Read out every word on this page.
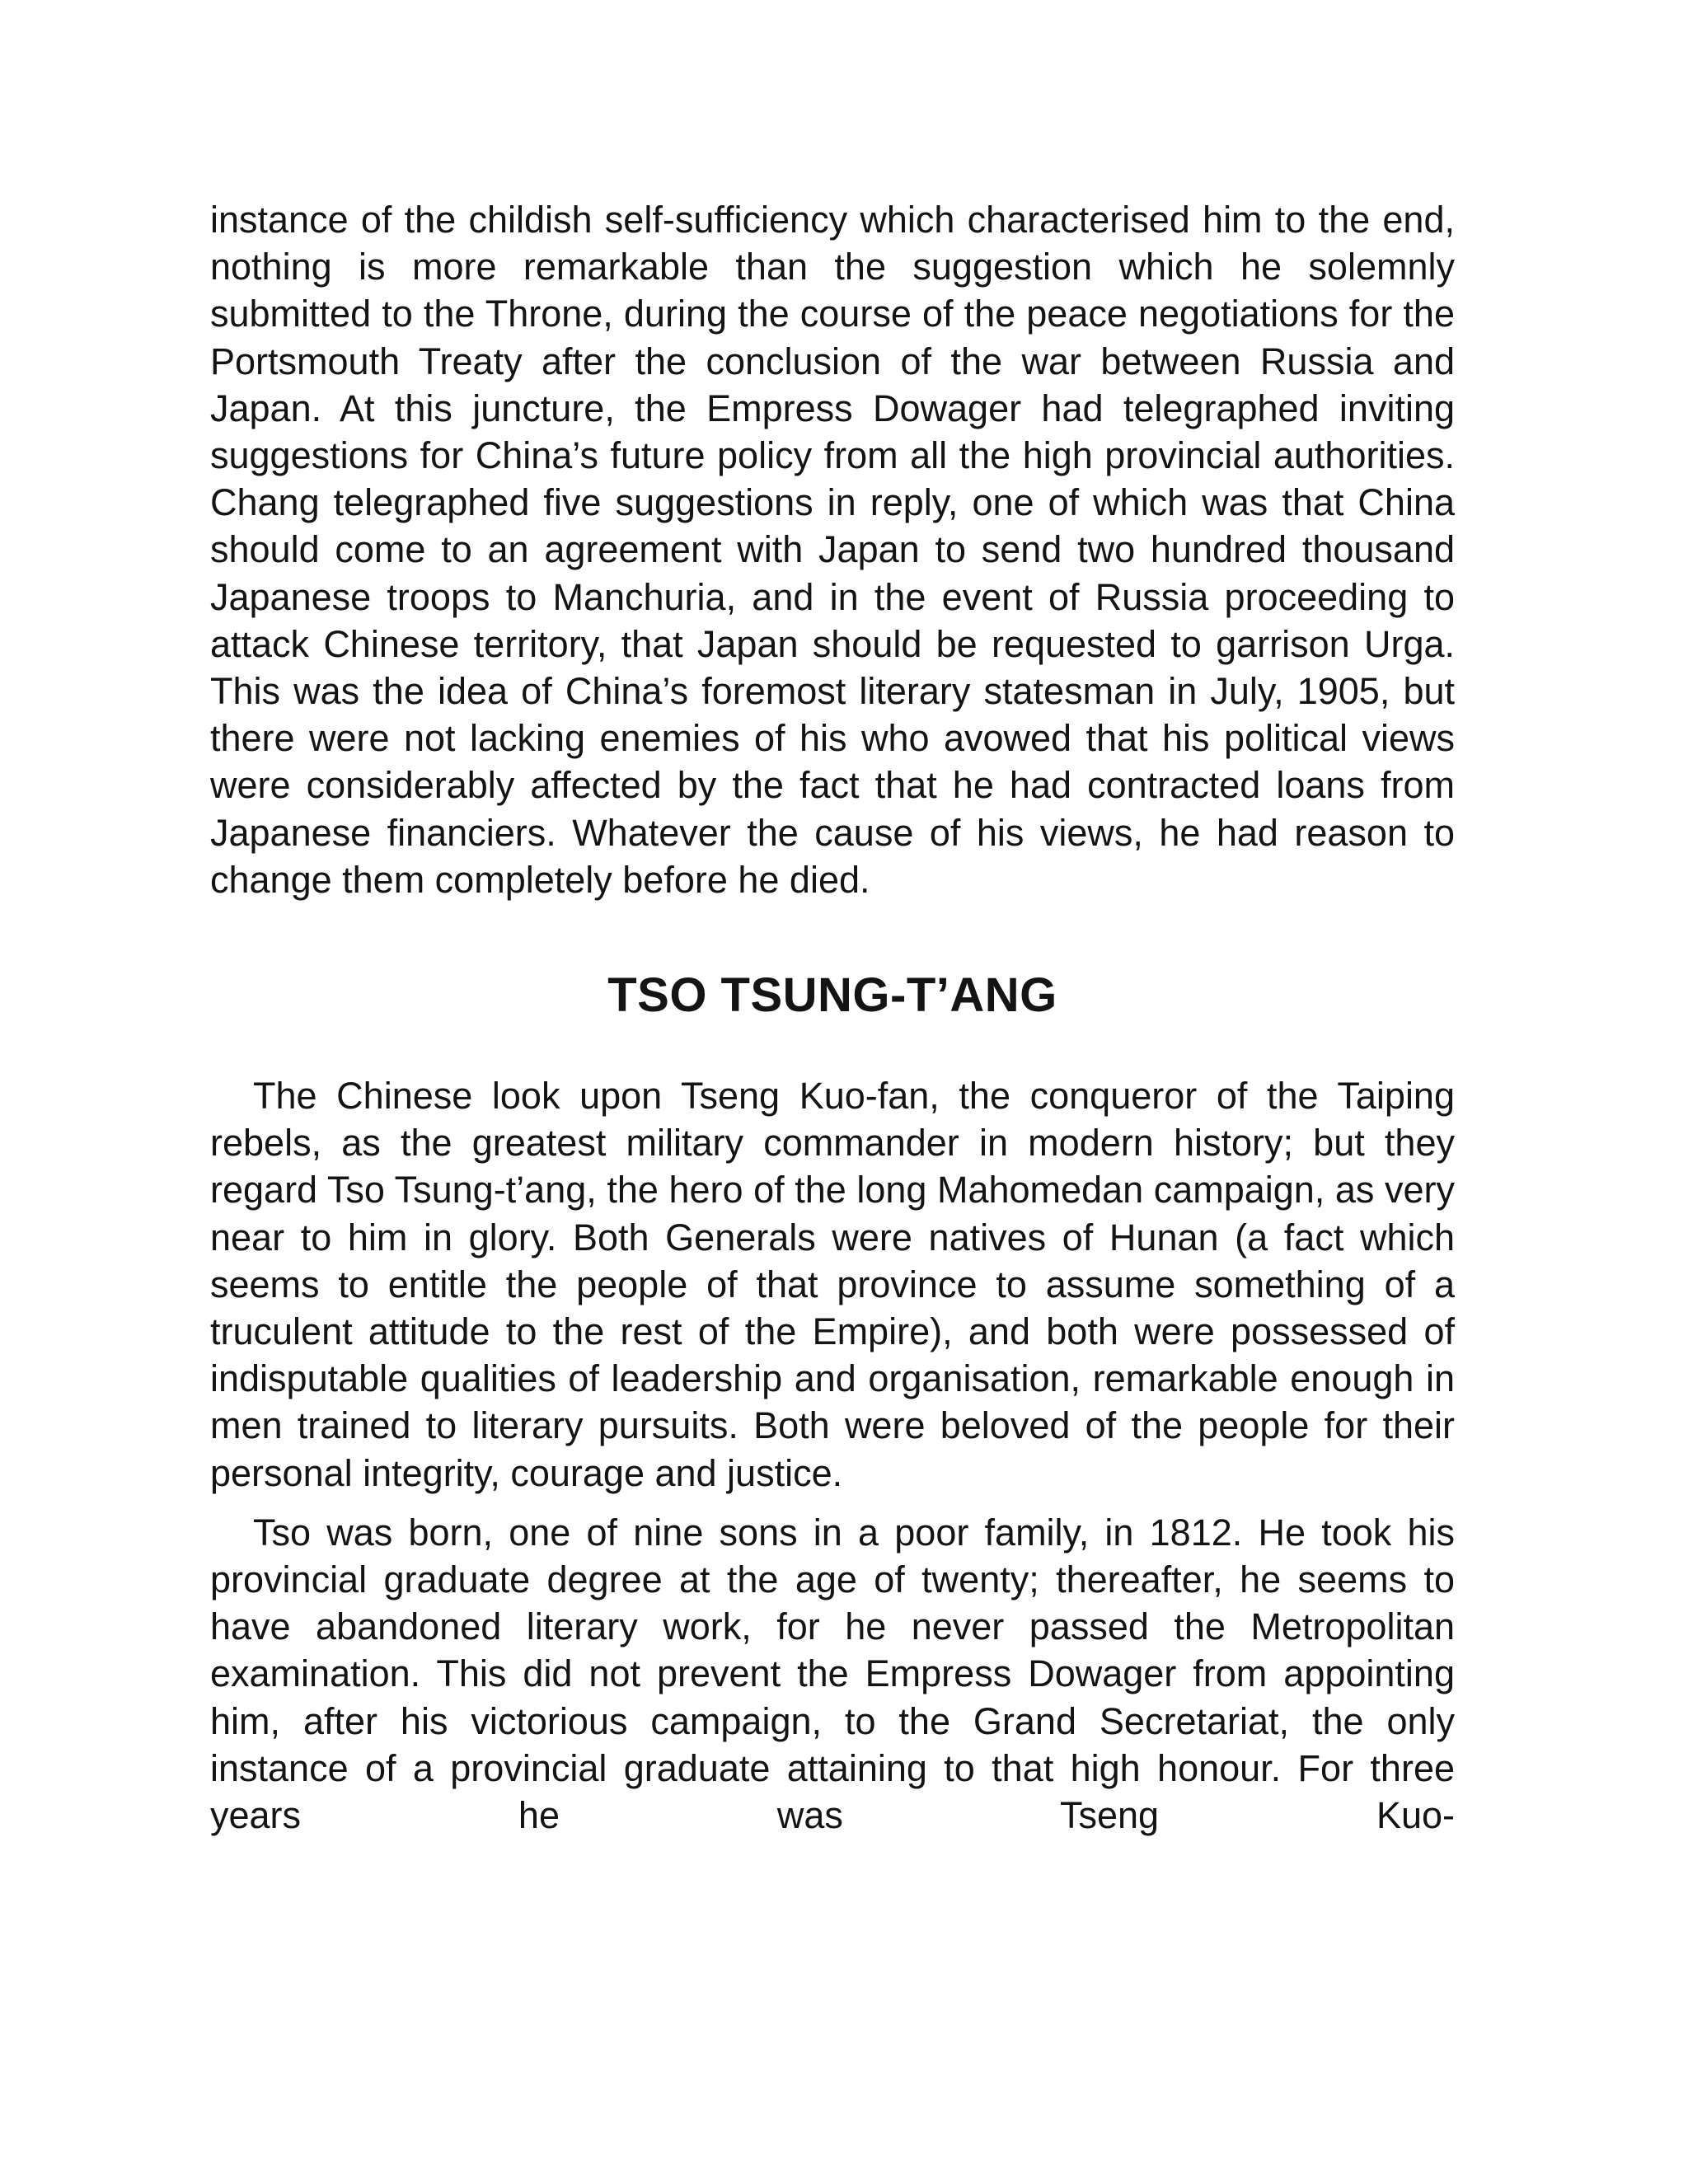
instance of the childish self-sufficiency which characterised him to the end, nothing is more remarkable than the suggestion which he solemnly submitted to the Throne, during the course of the peace negotiations for the Portsmouth Treaty after the conclusion of the war between Russia and Japan. At this juncture, the Empress Dowager had telegraphed inviting suggestions for China’s future policy from all the high provincial authorities. Chang telegraphed five suggestions in reply, one of which was that China should come to an agreement with Japan to send two hundred thousand Japanese troops to Manchuria, and in the event of Russia proceeding to attack Chinese territory, that Japan should be requested to garrison Urga. This was the idea of China’s foremost literary statesman in July, 1905, but there were not lacking enemies of his who avowed that his political views were considerably affected by the fact that he had contracted loans from Japanese financiers. Whatever the cause of his views, he had reason to change them completely before he died.

TSO TSUNG-T’ANG

The Chinese look upon Tseng Kuo-fan, the conqueror of the Taiping rebels, as the greatest military commander in modern history; but they regard Tso Tsung-t’ang, the hero of the long Mahomedan campaign, as very near to him in glory. Both Generals were natives of Hunan (a fact which seems to entitle the people of that province to assume something of a truculent attitude to the rest of the Empire), and both were possessed of indisputable qualities of leadership and organisation, remarkable enough in men trained to literary pursuits. Both were beloved of the people for their personal integrity, courage and justice.

Tso was born, one of nine sons in a poor family, in 1812. He took his provincial graduate degree at the age of twenty; thereafter, he seems to have abandoned literary work, for he never passed the Metropolitan examination. This did not prevent the Empress Dowager from appointing him, after his victorious campaign, to the Grand Secretariat, the only instance of a provincial graduate attaining to that high honour. For three years he was Tseng Kuo-
